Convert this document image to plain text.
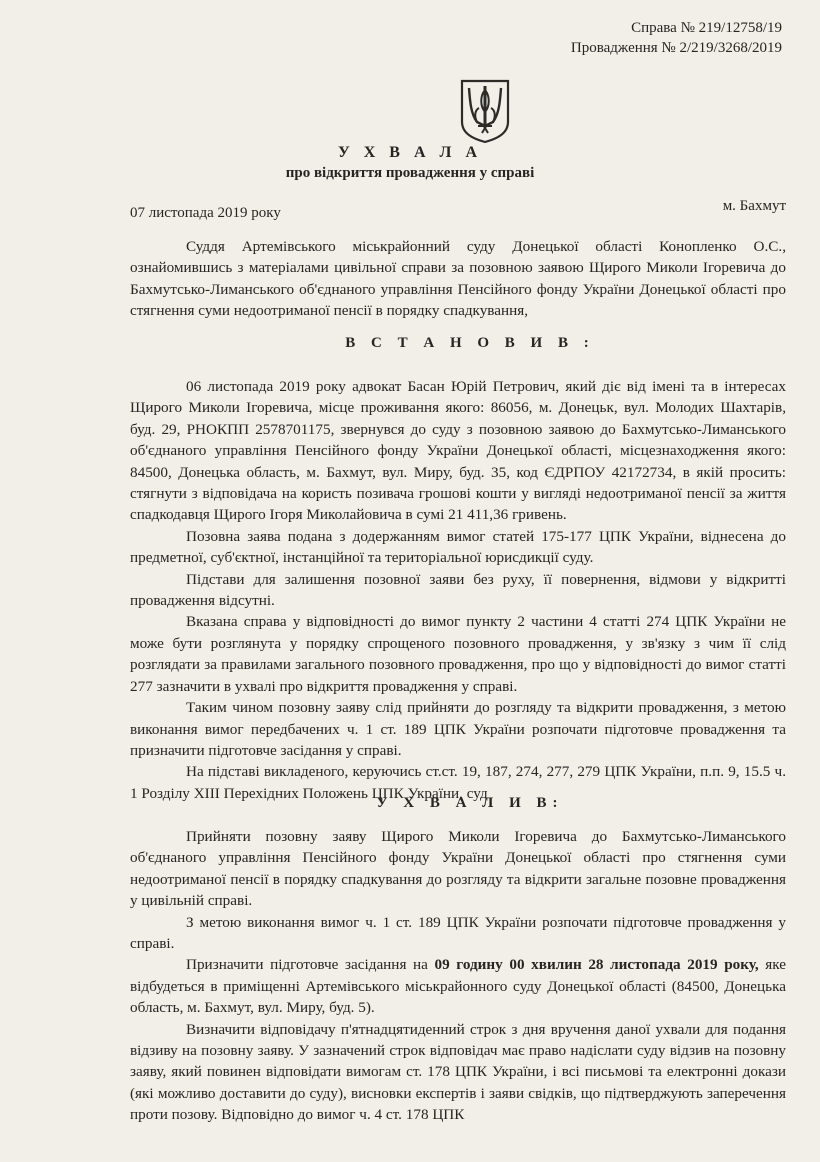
Справа № 219/12758/19
Провадження № 2/219/3268/2019
У Х В А Л А
про відкриття провадження у справі
07 листопада 2019 року	м. Бахмут

Суддя Артемівського міськрайонний суду Донецької області Конопленко О.С., ознайомившись з матеріалами цивільної справи за позовною заявою Щирого Миколи Ігоревича до Бахмутсько-Лиманського об'єднаного управління Пенсійного фонду України Донецької області про стягнення суми недоотриманої пенсії в порядку спадкування,

В С Т А Н О В И В :

06 листопада 2019 року адвокат Басан Юрій Петрович, який діє від імені та в інтересах Щирого Миколи Ігоревича, місце проживання якого: 86056, м. Донецьк, вул. Молодих Шахтарів, буд. 29, РНОКПП 2578701175, звернувся до суду з позовною заявою до Бахмутсько-Лиманського об'єднаного управління Пенсійного фонду України Донецької області, місцезнаходження якого: 84500, Донецька область, м. Бахмут, вул. Миру, буд. 35, код ЄДРПОУ 42172734, в якій просить: стягнути з відповідача на користь позивача грошові кошти у вигляді недоотриманої пенсії за життя спадкодавця Щирого Ігоря Миколайовича в сумі 21 411,36 гривень.

Позовна заява подана з додержанням вимог статей 175-177 ЦПК України, віднесена до предметної, суб'єктної, інстанційної та територіальної юрисдикції суду.

Підстави для залишення позовної заяви без руху, її повернення, відмови у відкритті провадження відсутні.

Вказана справа у відповідності до вимог пункту 2 частини 4 статті 274 ЦПК України не може бути розглянута у порядку спрощеного позовного провадження, у зв'язку з чим її слід розглядати за правилами загального позовного провадження, про що у відповідності до вимог статті 277 зазначити в ухвалі про відкриття провадження у справі.

Таким чином позовну заяву слід прийняти до розгляду та відкрити провадження, з метою виконання вимог передбачених ч. 1 ст. 189 ЦПК України розпочати підготовче провадження та призначити підготовче засідання у справі.

На підставі викладеного, керуючись ст.ст. 19, 187, 274, 277, 279 ЦПК України, п.п. 9, 15.5 ч. 1 Розділу XIII Перехідних Положень ЦПК України, суд

У Х В А Л И В:

Прийняти позовну заяву Щирого Миколи Ігоревича до Бахмутсько-Лиманського об'єднаного управління Пенсійного фонду України Донецької області про стягнення суми недоотриманої пенсії в порядку спадкування до розгляду та відкрити загальне позовне провадження у цивільній справі.

З метою виконання вимог ч. 1 ст. 189 ЦПК України розпочати підготовче провадження у справі.

Призначити підготовче засідання на 09 годину 00 хвилин 28 листопада 2019 року, яке відбудеться в приміщенні Артемівського міськрайонного суду Донецької області (84500, Донецька область, м. Бахмут, вул. Миру, буд. 5).

Визначити відповідачу п'ятнадцятиденний строк з дня вручення даної ухвали для подання відзиву на позовну заяву. У зазначений строк відповідач має право надіслати суду відзив на позовну заяву, який повинен відповідати вимогам ст. 178 ЦПК України, і всі письмові та електронні докази (які можливо доставити до суду), висновки експертів і заяви свідків, що підтверджують заперечення проти позову. Відповідно до вимог ч. 4 ст. 178 ЦПК
